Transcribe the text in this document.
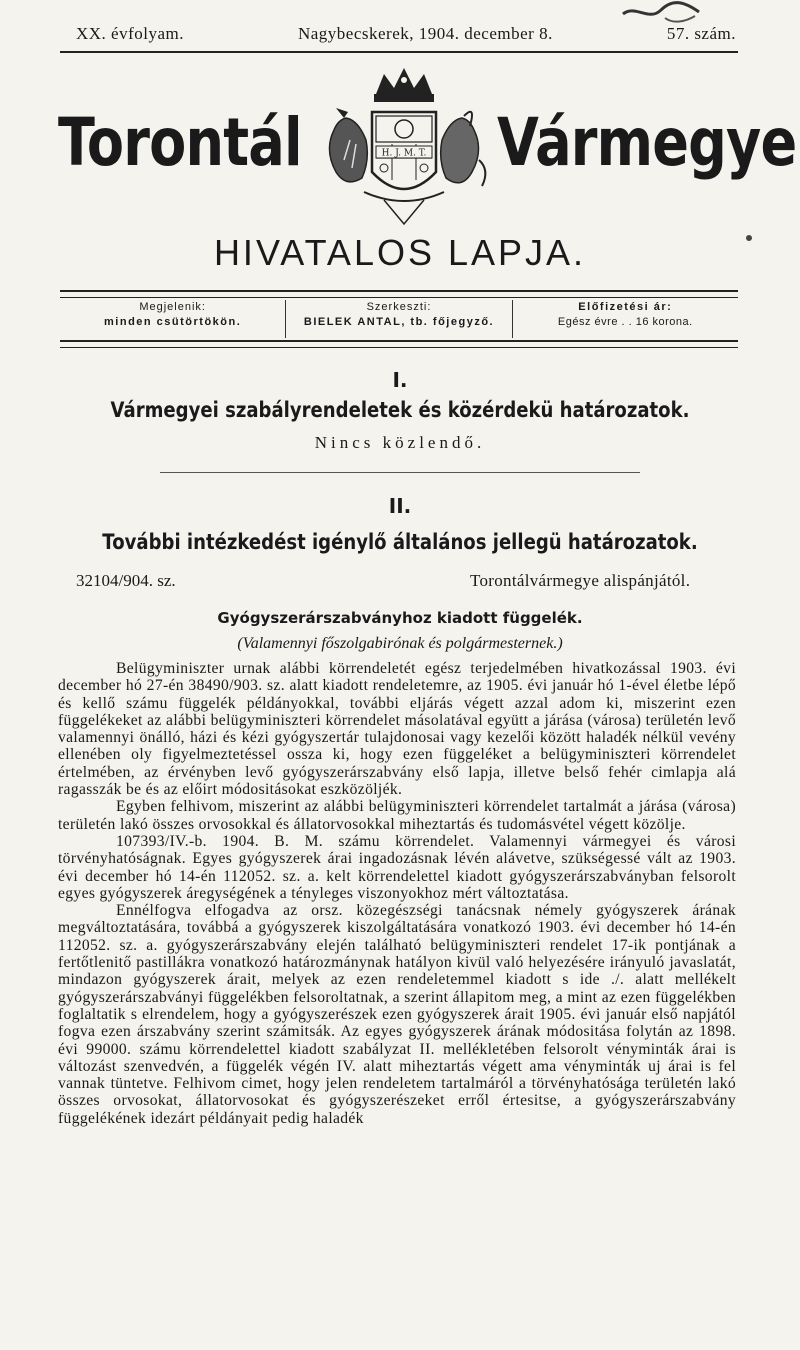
XX. évfolyam.	Nagybecskerek, 1904. december 8.	57. szám.
Torontál	H. J. M. T. Vármegye
HIVATALOS LAPJA.
Megjelenik:
minden csütörtökön.
Szerkeszti:
BIELEK ANTAL, tb. főjegyző.
Előfizetési ár:
Egész évre . . 16 korona.
I.
Vármegyei szabályrendeletek és közérdekü határozatok.
Nincs közlendő.
II.
További intézkedést igénylő általános jellegü határozatok.
32104/904. sz.	Torontálvármegye alispánjától.
Gyógyszerárszabványhoz kiadott függelék.
(Valamennyi főszolgabirónak és polgármesternek.)

Belügyminiszter urnak alábbi körrendeletét egész terjedelmében hivatkozással 1903. évi december hó 27-én 38490/903. sz. alatt kiadott rendeletemre, az 1905. évi január hó 1-ével életbe lépő és kellő számu függelék példányokkal, további eljárás végett azzal adom ki, miszerint ezen függelékeket az alábbi belügyminiszteri körrendelet másolatával együtt a járása (városa) területén levő valamennyi önálló, házi és kézi gyógyszertár tulajdonosai vagy kezelői között haladék nélkül vevény ellenében oly figyelmeztetéssel ossza ki, hogy ezen függeléket a belügyminiszteri körrendelet értelmében, az érvényben levő gyógyszerárszabvány első lapja, illetve belső fehér cimlapja alá ragasszák be és az előirt módositásokat eszközöljék.

Egyben felhivom, miszerint az alábbi belügyminiszteri körrendelet tartalmát a járása (városa) területén lakó összes orvosokkal és állatorvosokkal miheztartás és tudomásvétel végett közölje.

107393/IV.-b. 1904. B. M. számu körrendelet. Valamennyi vármegyei és városi törvényhatóságnak. Egyes gyógyszerek árai ingadozásnak lévén alávetve, szükségessé vált az 1903. évi december hó 14-én 112052. sz. a. kelt körrendelettel kiadott gyógyszerárszabványban felsorolt egyes gyógyszerek áregységének a tényleges viszonyokhoz mért változtatása.

Ennélfogva elfogadva az orsz. közegészségi tanácsnak némely gyógyszerek árának megváltoztatására, továbbá a gyógyszerek kiszolgáltatására vonatkozó 1903. évi december hó 14-én 112052. sz. a. gyógyszerárszabvány elején található belügyminiszteri rendelet 17-ik pontjának a fertőtlenitő pastillákra vonatkozó határozmánynak hatályon kivül való helyezésére irányuló javaslatát, mindazon gyógyszerek árait, melyek az ezen rendeletemmel kiadott s ide ./. alatt mellékelt gyógyszerárszabványi függelékben felsoroltatnak, a szerint állapitom meg, a mint az ezen függelékben foglaltatik s elrendelem, hogy a gyógyszerészek ezen gyógyszerek árait 1905. évi január első napjától fogva ezen árszabvány szerint számitsák. Az egyes gyógyszerek árának módositása folytán az 1898. évi 99000. számu körrendelettel kiadott szabályzat II. mellékletében felsorolt vényminták árai is változást szenvedvén, a függelék végén IV. alatt miheztartás végett ama vényminták uj árai is fel vannak tüntetve. Felhivom cimet, hogy jelen rendeletem tartalmáról a törvényhatósága területén lakó összes orvosokat, állatorvosokat és gyógyszerészeket erről értesitse, a gyógyszerárszabvány függelékének idezárt példányait pedig haladék
